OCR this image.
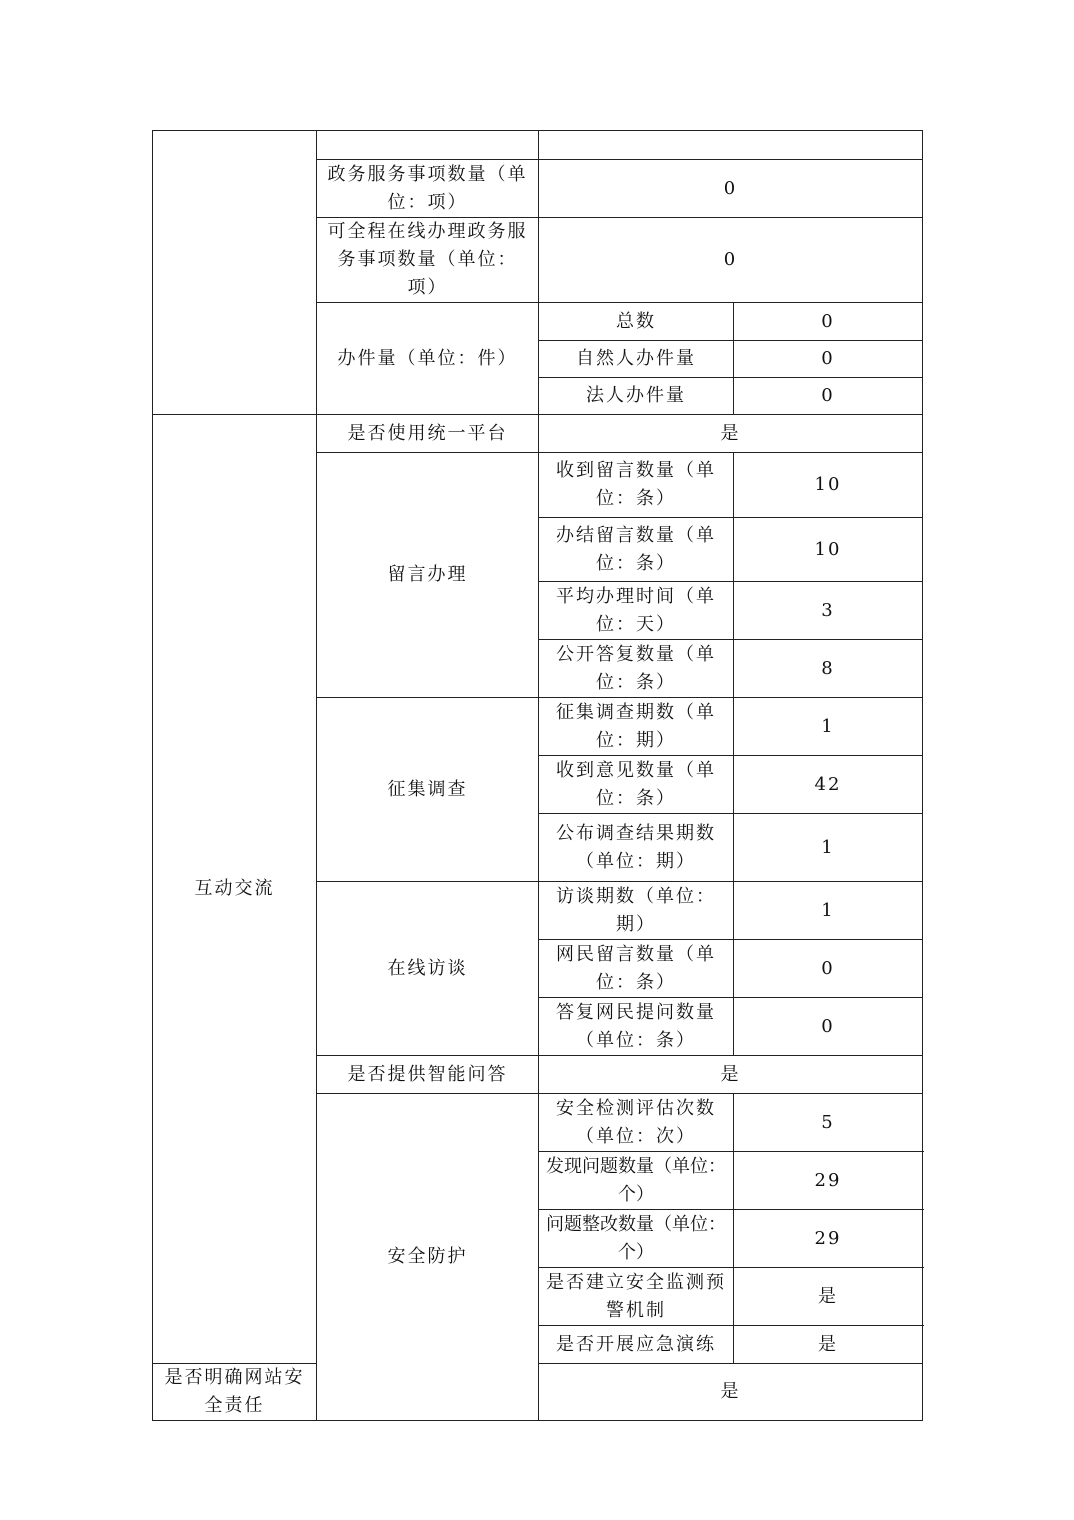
	政务服务事项数量（单位：项）	0	
	可全程在线办理政务服务事项数量（单位：项）	0	
	办件量（单位：件）	总数	0
		自然人办件量	0
		法人办件量	0
互动交流	是否使用统一平台	是	
	留言办理	收到留言数量（单位：条）	10
		办结留言数量（单位：条）	10
		平均办理时间（单位：天）	3
		公开答复数量（单位：条）	8
	征集调查	征集调查期数（单位：期）	1
		收到意见数量（单位：条）	42
		公布调查结果期数（单位：期）	1
	在线访谈	访谈期数（单位：期）	1
		网民留言数量（单位：条）	0
		答复网民提问数量（单位：条）	0
	是否提供智能问答	是	
	安全防护	安全检测评估次数（单位：次）	5
		发现问题数量（单位：个）	29
		问题整改数量（单位：个）	29
		是否建立安全监测预警机制	是
		是否开展应急演练	是
是否明确网站安全责任		是	
